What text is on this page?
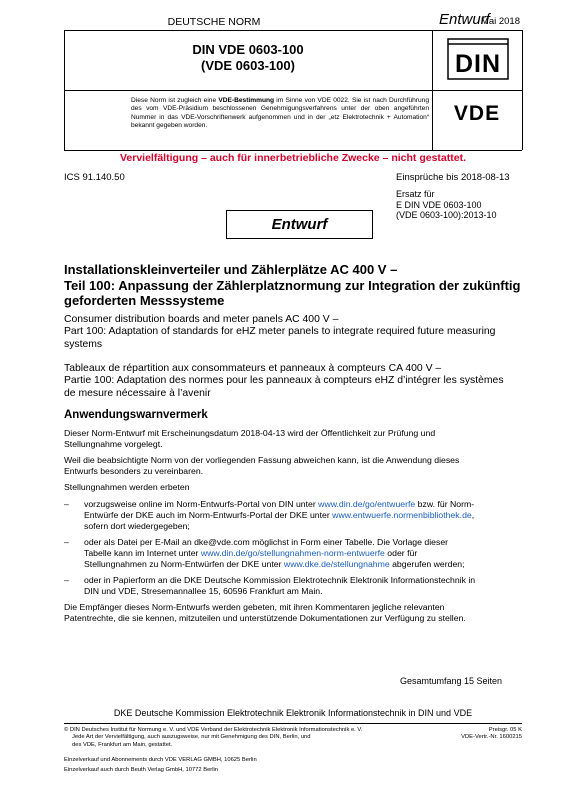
DEUTSCHE NORM	Entwurf
Mai 2018
DIN VDE 0603-100
(VDE 0603-100)
Diese Norm ist zugleich eine VDE-Bestimmung im Sinne von VDE 0022. Sie ist nach Durchführung des vom VDE-Präsidium beschlossenen Genehmigungsverfahrens unter der oben angeführten Nummer in das VDE-Vorschriftenwerk aufgenommen und in der „etz Elektrotechnik + Automation“ bekannt gegeben worden.
DIN
VDE
Vervielfältigung – auch für innerbetriebliche Zwecke – nicht gestattet.
ICS 91.140.50	Einsprüche bis 2018-08-13
Ersatz für
E DIN VDE 0603-100
(VDE 0603-100):2013-10
Entwurf
Installationskleinverteiler und Zählerplätze AC 400 V –
Teil 100: Anpassung der Zählerplatznormung zur Integration der zukünftig
geforderten Messsysteme
Consumer distribution boards and meter panels AC 400 V –
Part 100: Adaptation of standards for eHZ meter panels to integrate required future measuring
systems
Tableaux de répartition aux consommateurs et panneaux à compteurs CA 400 V –
Partie 100: Adaptation des normes pour les panneaux à compteurs eHZ d’intégrer les systèmes
de mesure nécessaire à l’avenir
Anwendungswarnvermerk
Dieser Norm-Entwurf mit Erscheinungsdatum 2018-04-13 wird der Öffentlichkeit zur Prüfung und
Stellungnahme vorgelegt.
Weil die beabsichtigte Norm von der vorliegenden Fassung abweichen kann, ist die Anwendung dieses
Entwurfs besonders zu vereinbaren.
Stellungnahmen werden erbeten
– vorzugsweise online im Norm-Entwurfs-Portal von DIN unter www.din.de/go/entwuerfe bzw. für Norm-
Entwürfe der DKE auch im Norm-Entwurfs-Portal der DKE unter www.entwuerfe.normenbibliothek.de,
sofern dort wiedergegeben;
– oder als Datei per E-Mail an dke@vde.com möglichst in Form einer Tabelle. Die Vorlage dieser
Tabelle kann im Internet unter www.din.de/go/stellungnahmen-norm-entwuerfe oder für
Stellungnahmen zu Norm-Entwürfen der DKE unter www.dke.de/stellungnahme abgerufen werden;
– oder in Papierform an die DKE Deutsche Kommission Elektrotechnik Elektronik Informationstechnik in
DIN und VDE, Stresemannallee 15, 60596 Frankfurt am Main.
Die Empfänger dieses Norm-Entwurfs werden gebeten, mit ihren Kommentaren jegliche relevanten
Patentrechte, die sie kennen, mitzuteilen und unterstützende Dokumentationen zur Verfügung zu stellen.
Gesamtumfang 15 Seiten
DKE Deutsche Kommission Elektrotechnik Elektronik Informationstechnik in DIN und VDE
© DIN Deutsches Institut für Normung e. V. und VDE Verband der Elektrotechnik Elektronik Informationstechnik e. V.
Jede Art der Vervielfältigung, auch auszugsweise, nur mit Genehmigung des DIN, Berlin, und
des VDE, Frankfurt am Main, gestattet.
Einzelverkauf und Abonnements durch VDE VERLAG GMBH, 10625 Berlin
Einzelverkauf auch durch Beuth Verlag GmbH, 10772 Berlin
Preisgr. 05 K
VDE-Vertr.-Nr. 1600215
